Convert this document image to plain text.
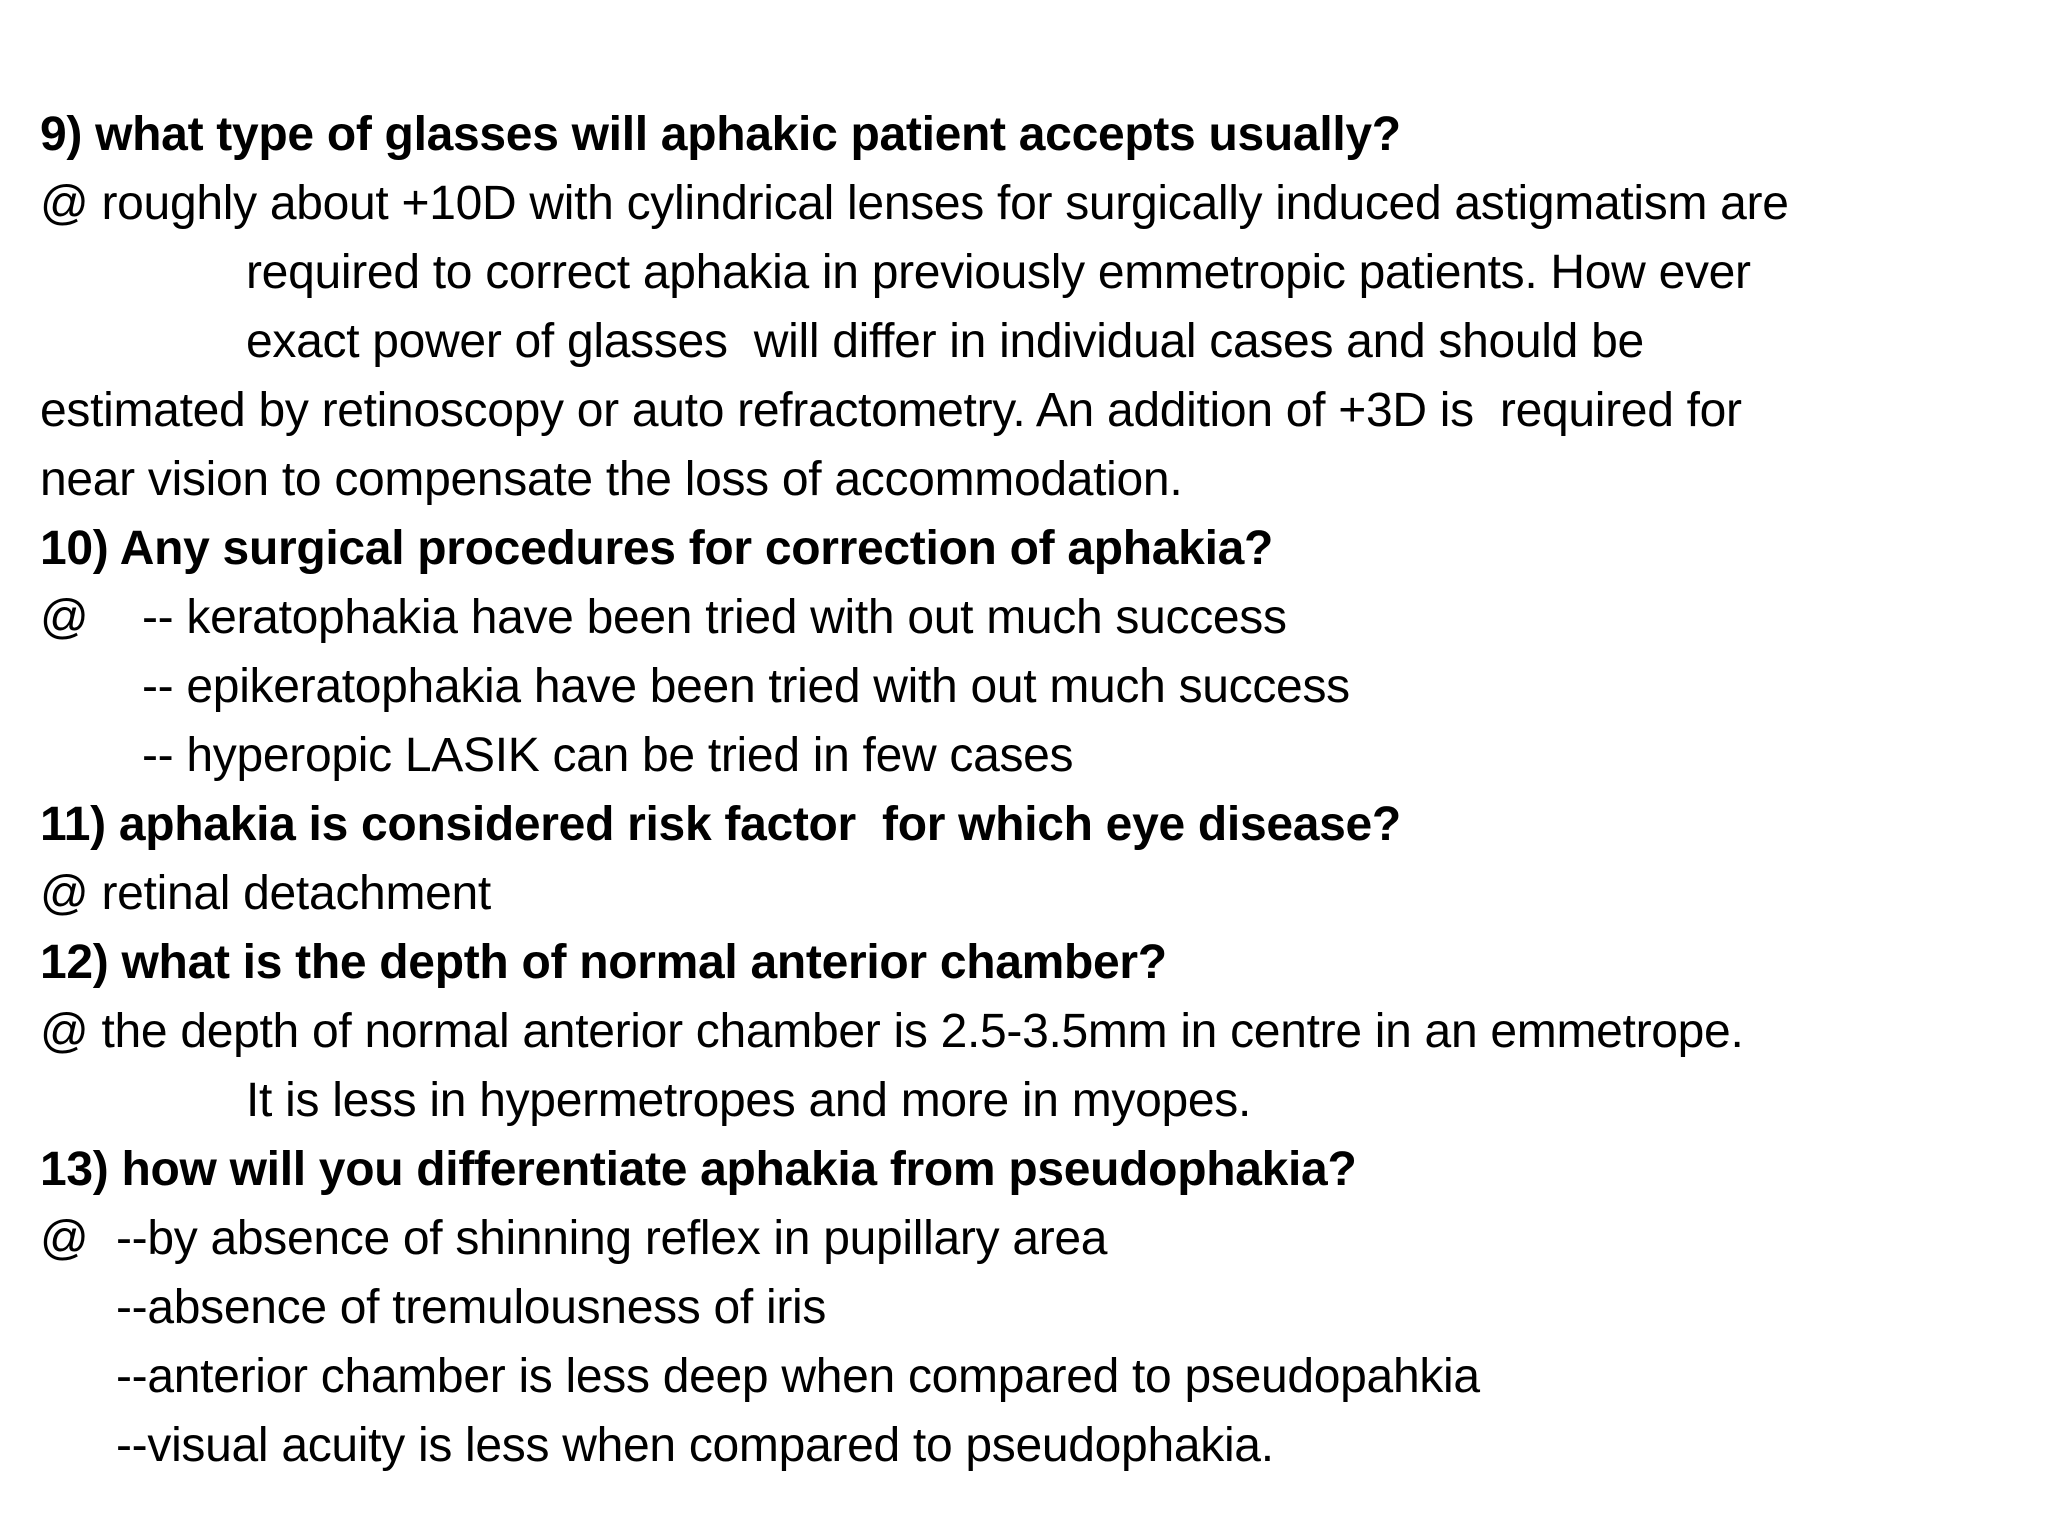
9) what type of glasses will aphakic patient accepts usually?
@ roughly about +10D with cylindrical lenses for surgically induced astigmatism are
required to correct aphakia in previously emmetropic patients. How ever
exact power of glasses  will differ in individual cases and should be
estimated by retinoscopy or auto refractometry. An addition of +3D is  required for
near vision to compensate the loss of accommodation.
10) Any surgical procedures for correction of aphakia?
@ -- keratophakia have been tried with out much success
-- epikeratophakia have been tried with out much success
-- hyperopic LASIK can be tried in few cases
11) aphakia is considered risk factor  for which eye disease?
@ retinal detachment
12) what is the depth of normal anterior chamber?
@ the depth of normal anterior chamber is 2.5-3.5mm in centre in an emmetrope.
It is less in hypermetropes and more in myopes.
13) how will you differentiate aphakia from pseudophakia?
@ --by absence of shinning reflex in pupillary area
--absence of tremulousness of iris
--anterior chamber is less deep when compared to pseudopahkia
--visual acuity is less when compared to pseudophakia.
